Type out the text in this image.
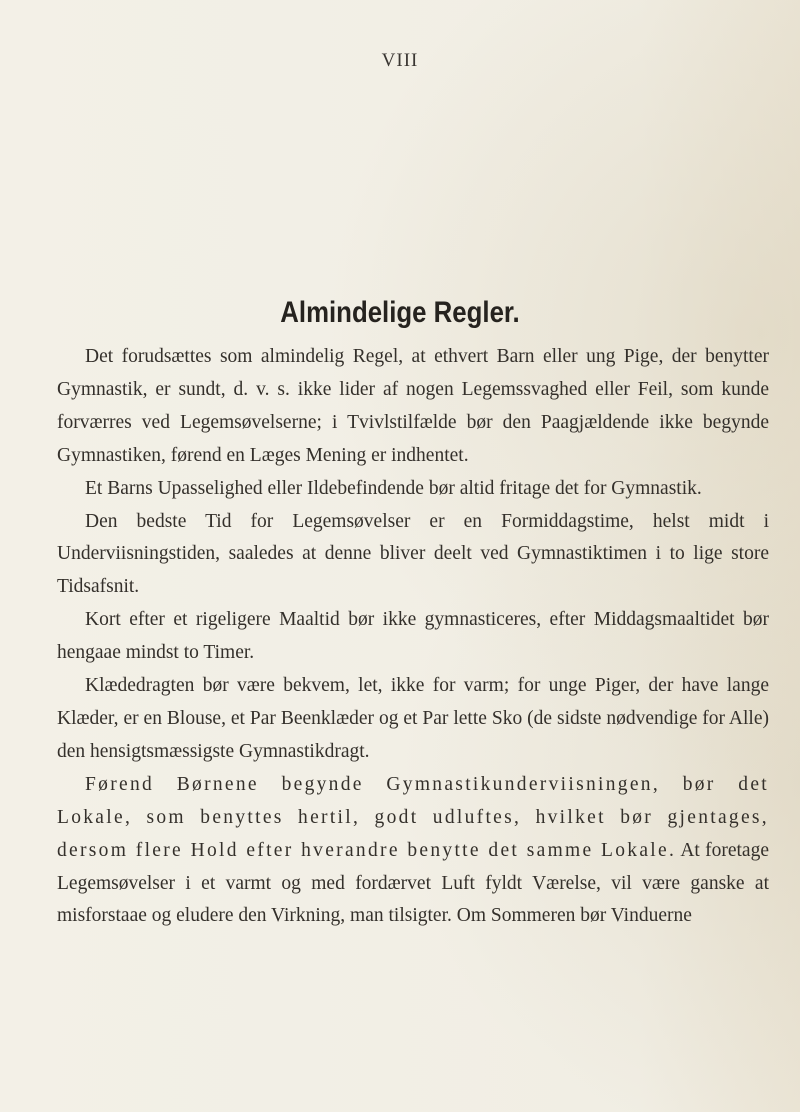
VIII
Almindelige Regler.

Det forudsættes som almindelig Regel, at ethvert Barn eller ung Pige, der benytter Gymnastik, er sundt, d. v. s. ikke lider af nogen Legemssvaghed eller Feil, som kunde forværres ved Legemsøvelserne; i Tvivlstilfælde bør den Paagjældende ikke begynde Gymnastiken, førend en Læges Mening er indhentet.

Et Barns Upasselighed eller Ildebefindende bør altid fritage det for Gymnastik.

Den bedste Tid for Legemsøvelser er en Formiddagstime, helst midt i Underviisningstiden, saaledes at denne bliver deelt ved Gymnastiktimen i to lige store Tidsafsnit.

Kort efter et rigeligere Maaltid bør ikke gymnasticeres, efter Middagsmaaltidet bør hengaae mindst to Timer.

Klædedragten bør være bekvem, let, ikke for varm; for unge Piger, der have lange Klæder, er en Blouse, et Par Beenklæder og et Par lette Sko (de sidste nødvendige for Alle) den hensigtsmæssigste Gymnastikdragt.

Førend Børnene begynde Gymnastikunderviisningen, bør det Lokale, som benyttes hertil, godt udluftes, hvilket bør gjentages, dersom flere Hold efter hverandre benytte det samme Lokale. At foretage Legemsøvelser i et varmt og med fordærvet Luft fyldt Værelse, vil være ganske at misforstaae og eludere den Virkning, man tilsigter. Om Sommeren bør Vinduerne
